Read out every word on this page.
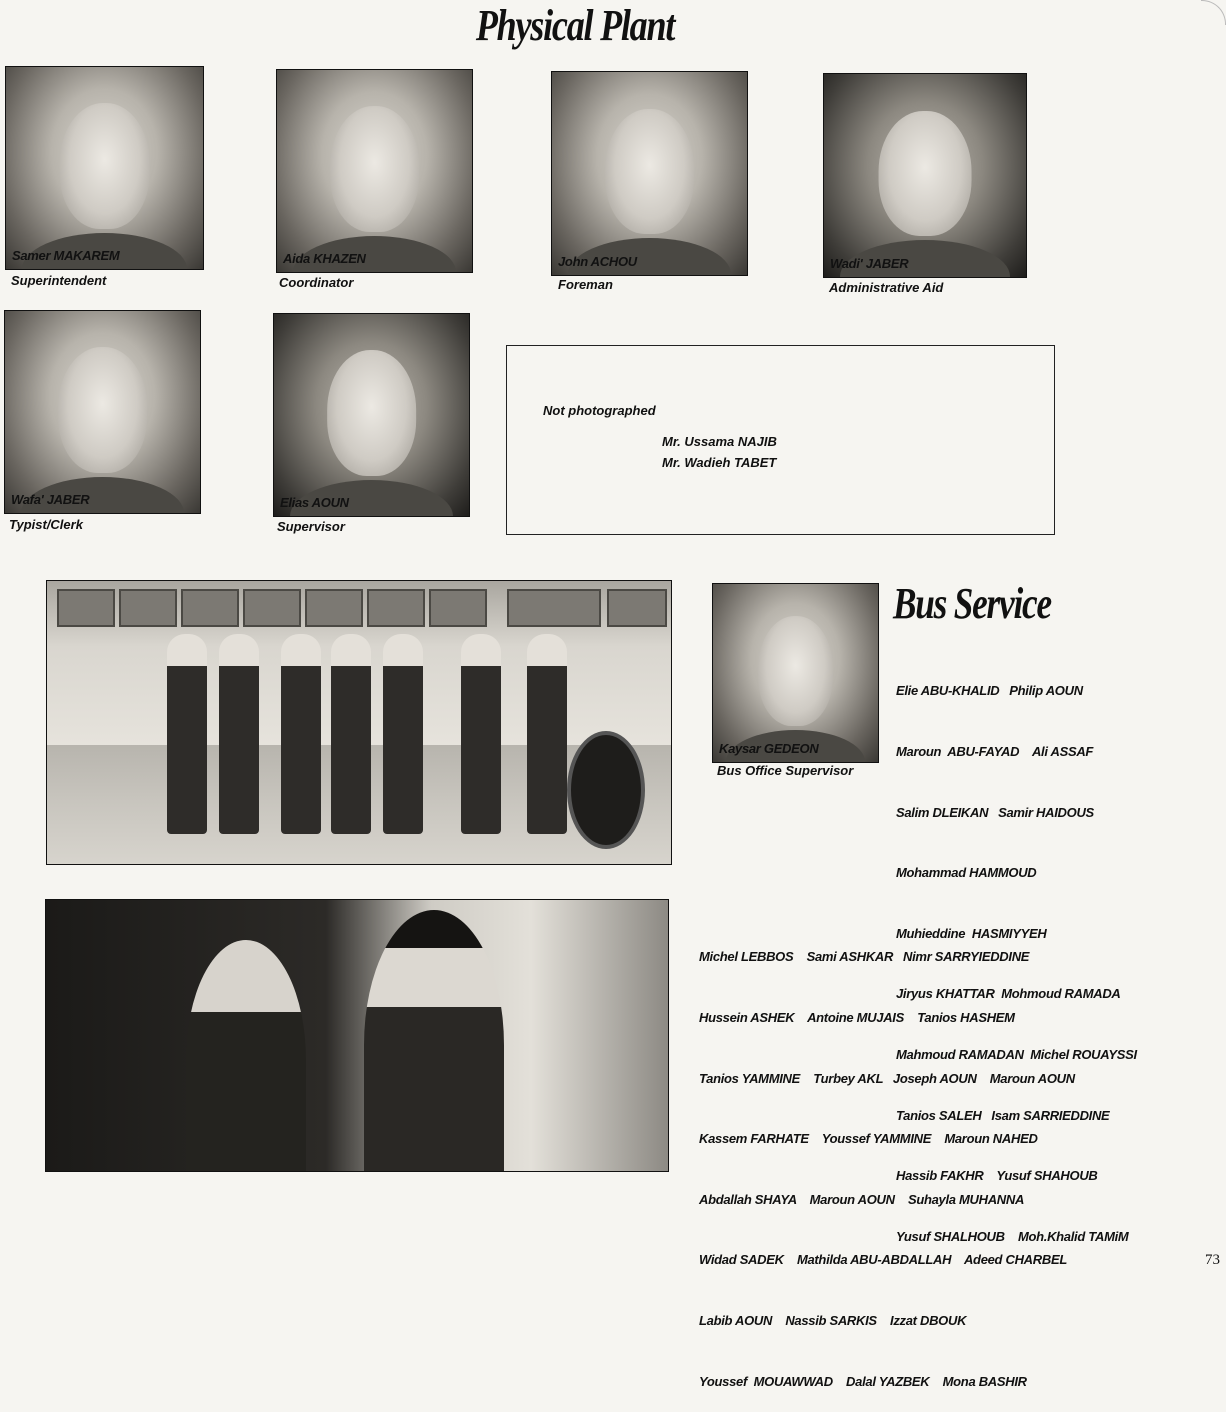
Physical Plant
Samer MAKAREM
Superintendent
Aida KHAZEN
Coordinator
John ACHOU
Foreman
Wadi' JABER
Administrative Aid
Wafa' JABER
Typist/Clerk
Elias AOUN
Supervisor
Not photographed
Mr. Ussama NAJIB
Mr. Wadieh TABET
Kaysar GEDEON
Bus Office Supervisor
Bus Service

Elie ABU-KHALID   Philip AOUN

Maroun  ABU-FAYAD    Ali ASSAF

Salim DLEIKAN   Samir HAIDOUS

Mohammad HAMMOUD

Muhieddine  HASMIYYEH

Jiryus KHATTAR  Mohmoud RAMADA

Mahmoud RAMADAN  Michel ROUAYSSI

Tanios SALEH   Isam SARRIEDDINE

Hassib FAKHR    Yusuf SHAHOUB

Yusuf SHALHOUB    Moh.Khalid TAMiM

Michel LEBBOS    Sami ASHKAR   Nimr SARRYIEDDINE

Hussein ASHEK    Antoine MUJAIS    Tanios HASHEM

Tanios YAMMINE    Turbey AKL   Joseph AOUN    Maroun AOUN

Kassem FARHATE    Youssef YAMMINE    Maroun NAHED

Abdallah SHAYA    Maroun AOUN    Suhayla MUHANNA

Widad SADEK    Mathilda ABU-ABDALLAH    Adeed CHARBEL

Labib AOUN    Nassib SARKIS    Izzat DBOUK

Youssef  MOUAWWAD    Dalal YAZBEK    Mona BASHIR

73
